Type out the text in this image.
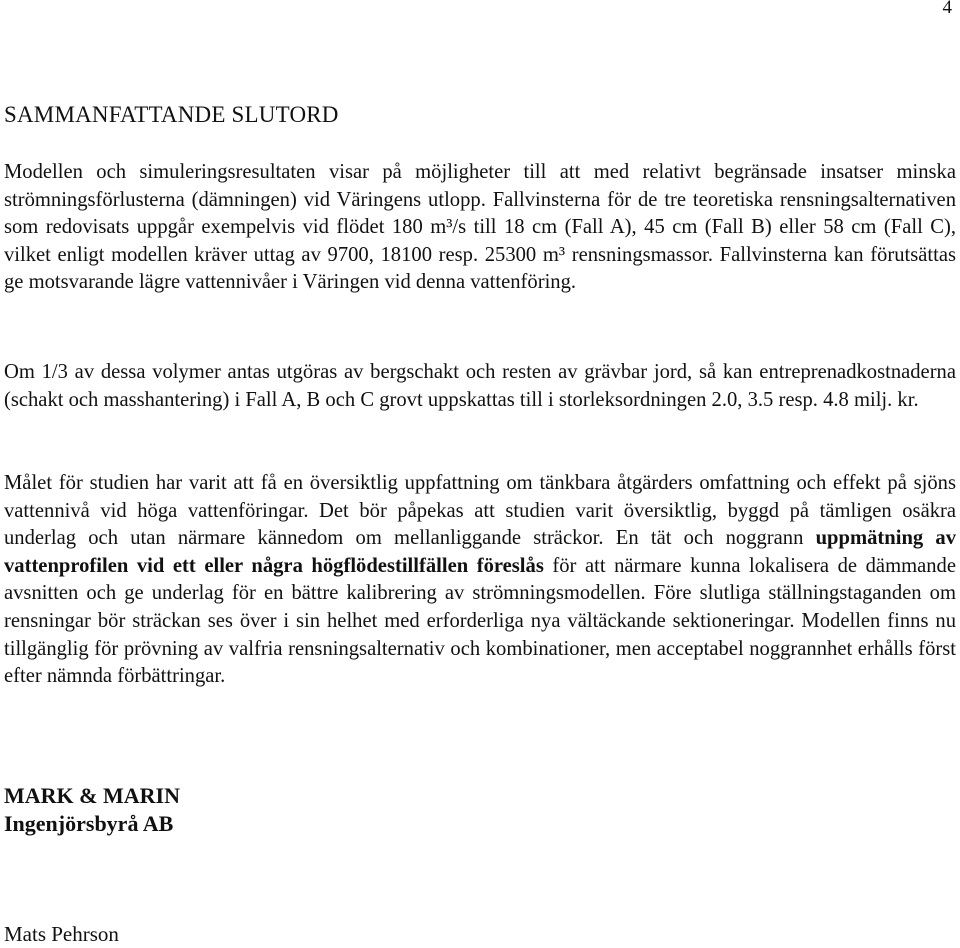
4
SAMMANFATTANDE SLUTORD

Modellen och simuleringsresultaten visar på möjligheter till att med relativt begränsade insatser minska strömningsförlusterna (dämningen) vid Väringens utlopp. Fallvinsterna för de tre teoretiska rensningsalternativen som redovisats uppgår exempelvis vid flödet 180 m³/s till 18 cm (Fall A), 45 cm (Fall B) eller 58 cm (Fall C), vilket enligt modellen kräver uttag av 9700, 18100 resp. 25300 m³ rensningsmassor. Fallvinsterna kan förutsättas ge motsvarande lägre vattennivåer i Väringen vid denna vattenföring.

Om 1/3 av dessa volymer antas utgöras av bergschakt och resten av grävbar jord, så kan entreprenadkostnaderna (schakt och masshantering) i Fall A, B och C grovt uppskattas till i storleksordningen 2.0, 3.5 resp. 4.8 milj. kr.

Målet för studien har varit att få en översiktlig uppfattning om tänkbara åtgärders omfattning och effekt på sjöns vattennivå vid höga vattenföringar. Det bör påpekas att studien varit översiktlig, byggd på tämligen osäkra underlag och utan närmare kännedom om mellanliggande sträckor. En tät och noggrann uppmätning av vattenprofilen vid ett eller några högflödestillfällen föreslås för att närmare kunna lokalisera de dämmande avsnitten och ge underlag för en bättre kalibrering av strömningsmodellen. Före slutliga ställningstaganden om rensningar bör sträckan ses över i sin helhet med erforderliga nya vältäckande sektioneringar. Modellen finns nu tillgänglig för prövning av valfria rensningsalternativ och kombinationer, men acceptabel noggrannhet erhålls först efter nämnda förbättringar.

MARK & MARIN
Ingenjörsbyrå AB
Mats Pehrson
